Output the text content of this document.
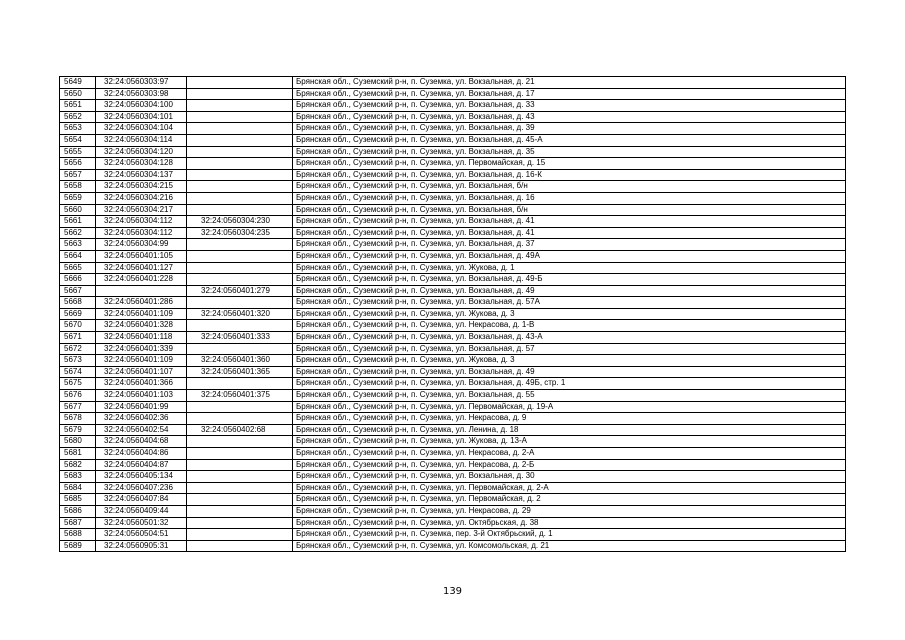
5649	32:24:0560303:97		Брянская обл., Суземский р-н, п. Суземка, ул. Вокзальная, д. 21
5650	32:24:0560303:98		Брянская обл., Суземский р-н, п. Суземка, ул. Вокзальная, д. 17
5651	32:24:0560304:100		Брянская обл., Суземский р-н, п. Суземка, ул. Вокзальная, д. 33
5652	32:24:0560304:101		Брянская обл., Суземский р-н, п. Суземка, ул. Вокзальная, д. 43
5653	32:24:0560304:104		Брянская обл., Суземский р-н, п. Суземка, ул. Вокзальная, д. 39
5654	32:24:0560304:114		Брянская обл., Суземский р-н, п. Суземка, ул. Вокзальная, д. 45-А
5655	32:24:0560304:120		Брянская обл., Суземский р-н, п. Суземка, ул. Вокзальная, д. 35
5656	32:24:0560304:128		Брянская обл., Суземский р-н, п. Суземка, ул. Первомайская, д. 15
5657	32:24:0560304:137		Брянская обл., Суземский р-н, п. Суземка, ул. Вокзальная, д. 16-К
5658	32:24:0560304:215		Брянская обл., Суземский р-н, п. Суземка, ул. Вокзальная, б/н
5659	32:24:0560304:216		Брянская обл., Суземский р-н, п. Суземка, ул. Вокзальная, д. 16
5660	32:24:0560304:217		Брянская обл., Суземский р-н, п. Суземка, ул. Вокзальная, б/н
5661	32:24:0560304:112	32:24:0560304:230	Брянская обл., Суземский р-н, п. Суземка, ул. Вокзальная, д. 41
5662	32:24:0560304:112	32:24:0560304:235	Брянская обл., Суземский р-н, п. Суземка, ул. Вокзальная, д. 41
5663	32:24:0560304:99		Брянская обл., Суземский р-н, п. Суземка, ул. Вокзальная, д. 37
5664	32:24:0560401:105		Брянская обл., Суземский р-н, п. Суземка, ул. Вокзальная, д. 49А
5665	32:24:0560401:127		Брянская обл., Суземский р-н, п. Суземка, ул. Жукова, д. 1
5666	32:24:0560401:228		Брянская обл., Суземский р-н, п. Суземка, ул. Вокзальная, д. 49-Б
5667		32:24:0560401:279	Брянская обл., Суземский р-н, п. Суземка, ул. Вокзальная, д. 49
5668	32:24:0560401:286		Брянская обл., Суземский р-н, п. Суземка, ул. Вокзальная, д. 57А
5669	32:24:0560401:109	32:24:0560401:320	Брянская обл., Суземский р-н, п. Суземка, ул. Жукова, д. 3
5670	32:24:0560401:328		Брянская обл., Суземский р-н, п. Суземка, ул. Некрасова, д. 1-В
5671	32:24:0560401:118	32:24:0560401:333	Брянская обл., Суземский р-н, п. Суземка, ул. Вокзальная, д. 43-А
5672	32:24:0560401:339		Брянская обл., Суземский р-н, п. Суземка, ул. Вокзальная, д. 57
5673	32:24:0560401:109	32:24:0560401:360	Брянская обл., Суземский р-н, п. Суземка, ул. Жукова, д. 3
5674	32:24:0560401:107	32:24:0560401:365	Брянская обл., Суземский р-н, п. Суземка, ул. Вокзальная, д. 49
5675	32:24:0560401:366		Брянская обл., Суземский р-н, п. Суземка, ул. Вокзальная, д. 49Б, стр. 1
5676	32:24:0560401:103	32:24:0560401:375	Брянская обл., Суземский р-н, п. Суземка, ул. Вокзальная, д. 55
5677	32:24:0560401:99		Брянская обл., Суземский р-н, п. Суземка, ул. Первомайская, д. 19-А
5678	32:24:0560402:36		Брянская обл., Суземский р-н, п. Суземка, ул. Некрасова, д. 9
5679	32:24:0560402:54	32:24:0560402:68	Брянская обл., Суземский р-н, п. Суземка, ул. Ленина, д. 18
5680	32:24:0560404:68		Брянская обл., Суземский р-н, п. Суземка, ул. Жукова, д. 13-А
5681	32:24:0560404:86		Брянская обл., Суземский р-н, п. Суземка, ул. Некрасова, д. 2-А
5682	32:24:0560404:87		Брянская обл., Суземский р-н, п. Суземка, ул. Некрасова, д. 2-Б
5683	32:24:0560405:134		Брянская обл., Суземский р-н, п. Суземка, ул. Вокзальная, д. 30
5684	32:24:0560407:236		Брянская обл., Суземский р-н, п. Суземка, ул. Первомайская, д. 2-А
5685	32:24:0560407:84		Брянская обл., Суземский р-н, п. Суземка, ул. Первомайская, д. 2
5686	32:24:0560409:44		Брянская обл., Суземский р-н, п. Суземка, ул. Некрасова, д. 29
5687	32:24:0560501:32		Брянская обл., Суземский р-н, п. Суземка, ул. Октябрьская, д. 38
5688	32:24:0560504:51		Брянская обл., Суземский р-н, п. Суземка, пер. 3-й Октябрьский, д. 1
5689	32:24:0560905:31		Брянская обл., Суземский р-н, п. Суземка, ул. Комсомольская, д. 21
139
